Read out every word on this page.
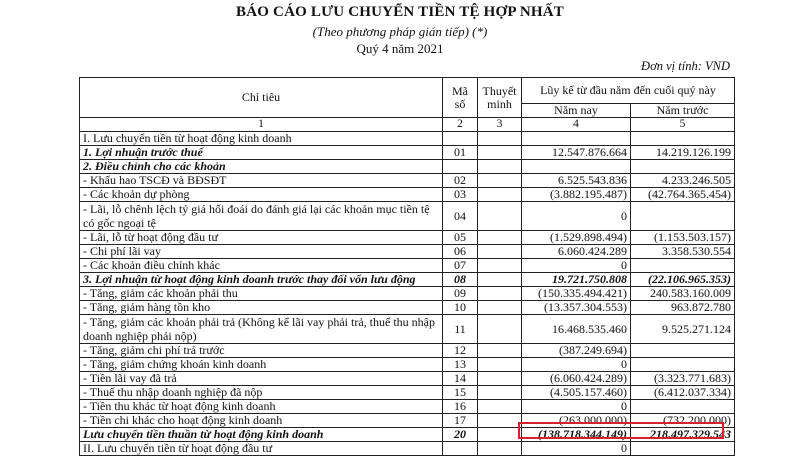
BÁO CÁO LƯU CHUYỂN TIỀN TỆ HỢP NHẤT
(Theo phương pháp gián tiếp) (*)
Quý 4 năm 2021
Đơn vị tính: VND
Chỉ tiêu	Mã số	Thuyết minh	Lũy kế từ đầu năm đến cuối quý này	
			Năm nay	Năm trước
1	2	3	4	5
I. Lưu chuyển tiền từ hoạt động kinh doanh				
1. Lợi nhuận trước thuế	01		12.547.876.664	14.219.126.199
2. Điều chỉnh cho các khoản				
- Khấu hao TSCĐ và BĐSĐT	02		6.525.543.836	4.233.246.505
- Các khoản dự phòng	03		(3.882.195.487)	(42.764.365.454)
- Lãi, lỗ chênh lệch tỷ giá hối đoái do đánh giá lại các khoản mục tiền tệ có gốc ngoại tệ	04		0	
- Lãi, lỗ từ hoạt động đầu tư	05		(1.529.898.494)	(1.153.503.157)
- Chi phí lãi vay	06		6.060.424.289	3.358.530.554
- Các khoản điều chỉnh khác	07		0	
3. Lợi nhuận từ hoạt động kinh doanh trước thay đổi vốn lưu động	08		19.721.750.808	(22.106.965.353)
- Tăng, giảm các khoản phải thu	09		(150.335.494.421)	240.583.160.009
- Tăng, giảm hàng tồn kho	10		(13.357.304.553)	963.872.780
- Tăng, giảm các khoản phải trả (Không kể lãi vay phải trả, thuế thu nhập doanh nghiệp phải nộp)	11		16.468.535.460	9.525.271.124
- Tăng, giảm chi phí trả trước	12		(387.249.694)	
- Tăng, giảm chứng khoán kinh doanh	13		0	
- Tiền lãi vay đã trả	14		(6.060.424.289)	(3.323.771.683)
- Thuế thu nhập doanh nghiệp đã nộp	15		(4.505.157.460)	(6.412.037.334)
- Tiền thu khác từ hoạt động kinh doanh	16		0	
- Tiền chi khác cho hoạt động kinh doanh	17		(263.000.000)	(732.200.000)
Lưu chuyển tiền thuần từ hoạt động kinh doanh	20		(138.718.344.149)	218.497.329.543
II. Lưu chuyển tiền từ hoạt động đầu tư			0	
